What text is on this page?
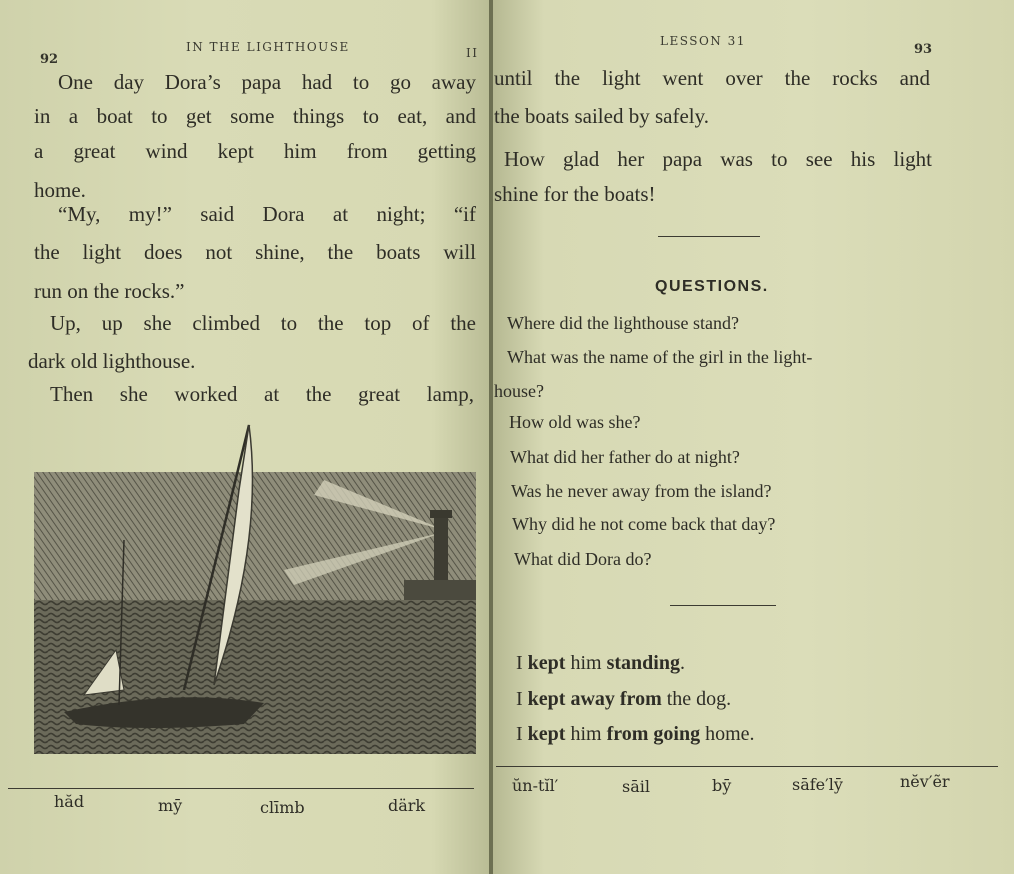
92
IN THE LIGHTHOUSE	II
One day Dora’s papa had to go away
in a boat to get some things to eat, and
a great wind kept him from getting
home.
“My, my!” said Dora at night; “if
the light does not shine, the boats will
run on the rocks.”
Up, up she climbed to the top of the
dark old lighthouse.
Then she worked at the great lamp,
hăd	mȳ	clīmb	därk
LESSON 31
93
until the light went over the rocks and
the boats sailed by safely.
How glad her papa was to see his light
shine for the boats!
QUESTIONS.
Where did the lighthouse stand?
What was the name of the girl in the light-
house?
How old was she?
What did her father do at night?
Was he never away from the island?
Why did he not come back that day?
What did Dora do?
I kept him standing.
I kept away from the dog.
I kept him from going home.
ŭn-tĭl′	sāil	bȳ	sāfe′lȳ	nĕv′ẽr
